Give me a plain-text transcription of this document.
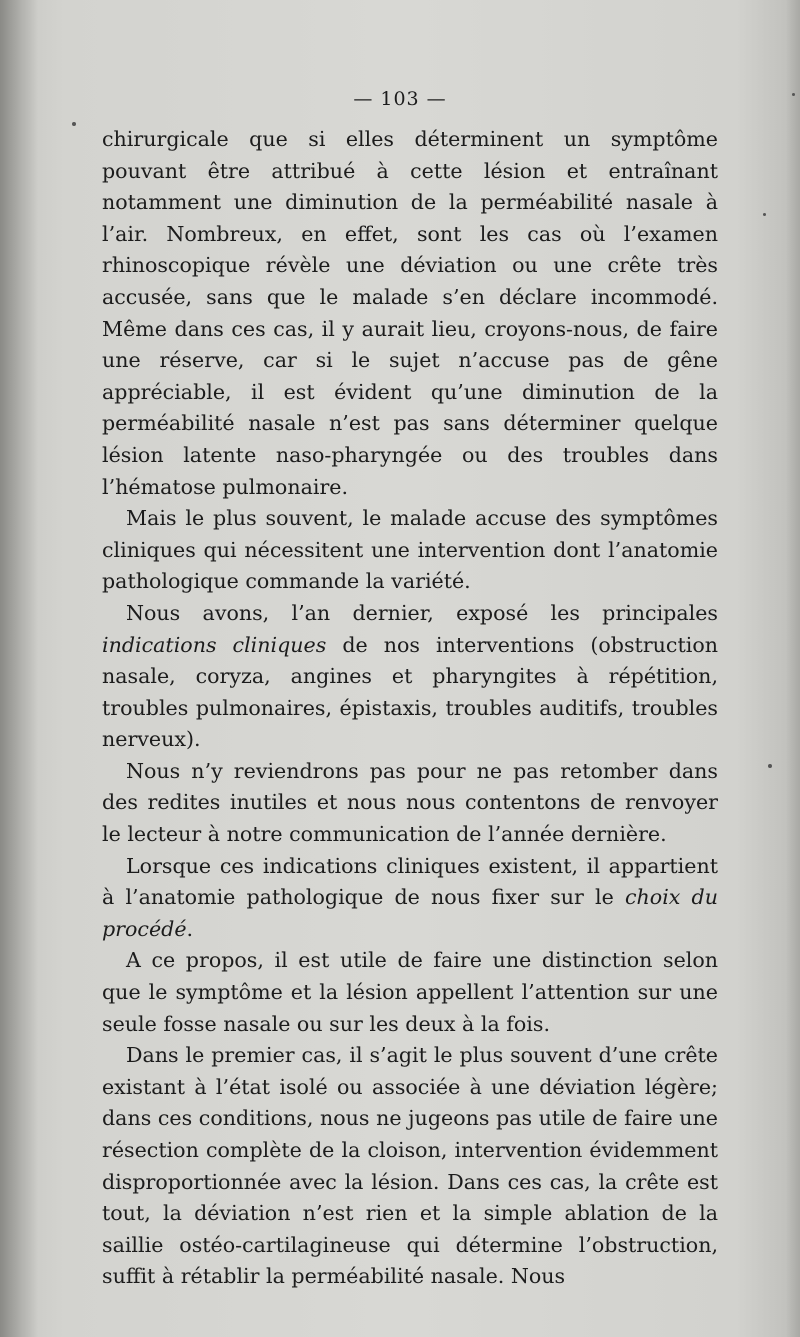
— 103 —

chirurgicale que si elles déterminent un symptôme pouvant être attribué à cette lésion et entraînant notamment une diminution de la perméabilité nasale à l’air. Nombreux, en effet, sont les cas où l’examen rhinoscopique révèle une déviation ou une crête très accusée, sans que le malade s’en déclare incommodé. Même dans ces cas, il y aurait lieu, croyons-nous, de faire une réserve, car si le sujet n’accuse pas de gêne appréciable, il est évident qu’une diminution de la perméabilité nasale n’est pas sans déterminer quelque lésion latente naso-pharyngée ou des troubles dans l’hématose pulmonaire.

Mais le plus souvent, le malade accuse des symptômes cliniques qui nécessitent une intervention dont l’anatomie pathologique commande la variété.

Nous avons, l’an dernier, exposé les principales indications cliniques de nos interventions (obstruction nasale, coryza, angines et pharyngites à répétition, troubles pulmonaires, épistaxis, troubles auditifs, troubles nerveux).

Nous n’y reviendrons pas pour ne pas retomber dans des redites inutiles et nous nous contentons de renvoyer le lecteur à notre communication de l’année dernière.

Lorsque ces indications cliniques existent, il appartient à l’anatomie pathologique de nous fixer sur le choix du procédé.

A ce propos, il est utile de faire une distinction selon que le symptôme et la lésion appellent l’attention sur une seule fosse nasale ou sur les deux à la fois.

Dans le premier cas, il s’agit le plus souvent d’une crête existant à l’état isolé ou associée à une déviation légère; dans ces conditions, nous ne jugeons pas utile de faire une résection complète de la cloison, intervention évidemment disproportionnée avec la lésion. Dans ces cas, la crête est tout, la déviation n’est rien et la simple ablation de la saillie ostéo-cartilagineuse qui détermine l’obstruction, suffit à rétablir la perméabilité nasale. Nous
